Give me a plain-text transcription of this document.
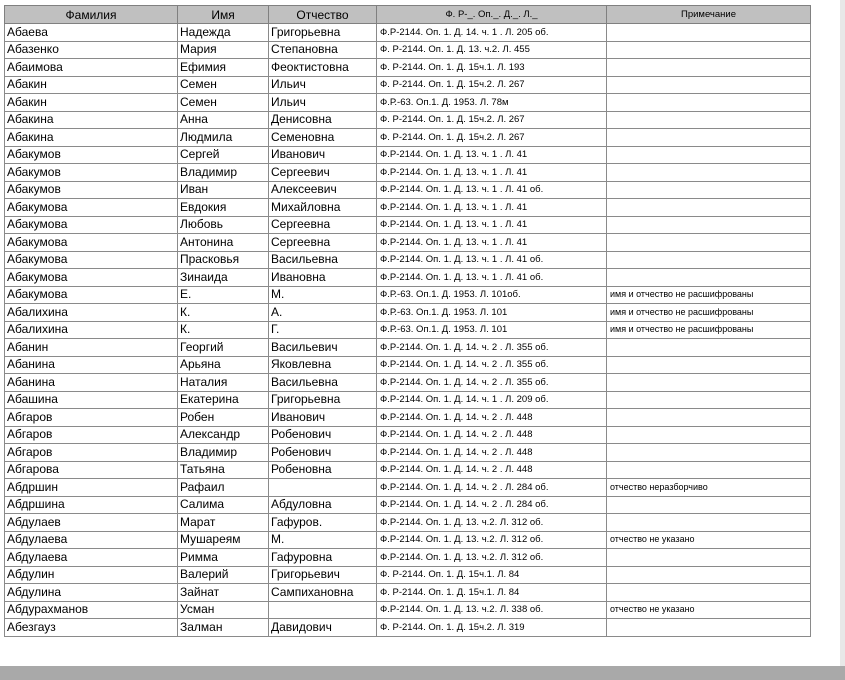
Фамилия	Имя	Отчество	Ф. Р-_. Оп._. Д._. Л._	Примечание
Абаева	Надежда	Григорьевна	Ф.Р-2144. Оп. 1. Д. 14. ч. 1 . Л. 205 об.	
Абазенко	Мария	Степановна	Ф. Р-2144. Оп. 1. Д. 13. ч.2. Л. 455	
Абаимова	Ефимия	Феоктистовна	Ф. Р-2144. Оп. 1. Д. 15ч.1. Л. 193	
Абакин	Семен	Ильич	Ф. Р-2144. Оп. 1. Д. 15ч.2. Л. 267	
Абакин	Семен	Ильич	Ф.Р.-63. Оп.1. Д. 1953. Л. 78м	
Абакина	Анна	Денисовна	Ф. Р-2144. Оп. 1. Д. 15ч.2. Л. 267	
Абакина	Людмила	Семеновна	Ф. Р-2144. Оп. 1. Д. 15ч.2. Л. 267	
Абакумов	Сергей	Иванович	Ф.Р-2144. Оп. 1. Д. 13. ч. 1 . Л. 41	
Абакумов	Владимир	Сергеевич	Ф.Р-2144. Оп. 1. Д. 13. ч. 1 . Л. 41	
Абакумов	Иван	Алексеевич	Ф.Р-2144. Оп. 1. Д. 13. ч. 1 . Л. 41 об.	
Абакумова	Евдокия	Михайловна	Ф.Р-2144. Оп. 1. Д. 13. ч. 1 . Л. 41	
Абакумова	Любовь	Сергеевна	Ф.Р-2144. Оп. 1. Д. 13. ч. 1 . Л. 41	
Абакумова	Антонина	Сергеевна	Ф.Р-2144. Оп. 1. Д. 13. ч. 1 . Л. 41	
Абакумова	Прасковья	Васильевна	Ф.Р-2144. Оп. 1. Д. 13. ч. 1 . Л. 41 об.	
Абакумова	Зинаида	Ивановна	Ф.Р-2144. Оп. 1. Д. 13. ч. 1 . Л. 41 об.	
Абакумова	Е.	М.	Ф.Р.-63. Оп.1. Д. 1953. Л. 101об.	имя и отчество не расшифрованы
Абалихина	К.	А.	Ф.Р.-63. Оп.1. Д. 1953. Л. 101	имя и отчество не расшифрованы
Абалихина	К.	Г.	Ф.Р.-63. Оп.1. Д. 1953. Л. 101	имя и отчество не расшифрованы
Абанин	Георгий	Васильевич	Ф.Р-2144. Оп. 1. Д. 14. ч. 2 . Л. 355 об.	
Абанина	Арьяна	Яковлевна	Ф.Р-2144. Оп. 1. Д. 14. ч. 2 . Л. 355 об.	
Абанина	Наталия	Васильевна	Ф.Р-2144. Оп. 1. Д. 14. ч. 2 . Л. 355 об.	
Абашина	Екатерина	Григорьевна	Ф.Р-2144. Оп. 1. Д. 14. ч. 1 . Л. 209 об.	
Абгаров	Робен	Иванович	Ф.Р-2144. Оп. 1. Д. 14. ч. 2 . Л. 448	
Абгаров	Александр	Робенович	Ф.Р-2144. Оп. 1. Д. 14. ч. 2 . Л. 448	
Абгаров	Владимир	Робенович	Ф.Р-2144. Оп. 1. Д. 14. ч. 2 . Л. 448	
Абгарова	Татьяна	Робеновна	Ф.Р-2144. Оп. 1. Д. 14. ч. 2 . Л. 448	
Абдршин	Рафаил		Ф.Р-2144. Оп. 1. Д. 14. ч. 2 . Л. 284 об.	отчество неразборчиво
Абдршина	Салима	Абдуловна	Ф.Р-2144. Оп. 1. Д. 14. ч. 2 . Л. 284 об.	
Абдулаев	Марат	Гафуров.	Ф.Р-2144. Оп. 1. Д. 13. ч.2. Л. 312 об.	
Абдулаева	Мушареям	М.	Ф.Р-2144. Оп. 1. Д. 13. ч.2. Л. 312 об.	отчество не указано
Абдулаева	Римма	Гафуровна	Ф.Р-2144. Оп. 1. Д. 13. ч.2. Л. 312 об.	
Абдулин	Валерий	Григорьевич	Ф. Р-2144. Оп. 1. Д. 15ч.1. Л. 84	
Абдулина	Зайнат	Сампихановна	Ф. Р-2144. Оп. 1. Д. 15ч.1. Л. 84	
Абдурахманов	Усман		Ф.Р-2144. Оп. 1. Д. 13. ч.2. Л. 338 об.	отчество не указано
Абезгауз	Залман	Давидович	Ф. Р-2144. Оп. 1. Д. 15ч.2. Л. 319	
